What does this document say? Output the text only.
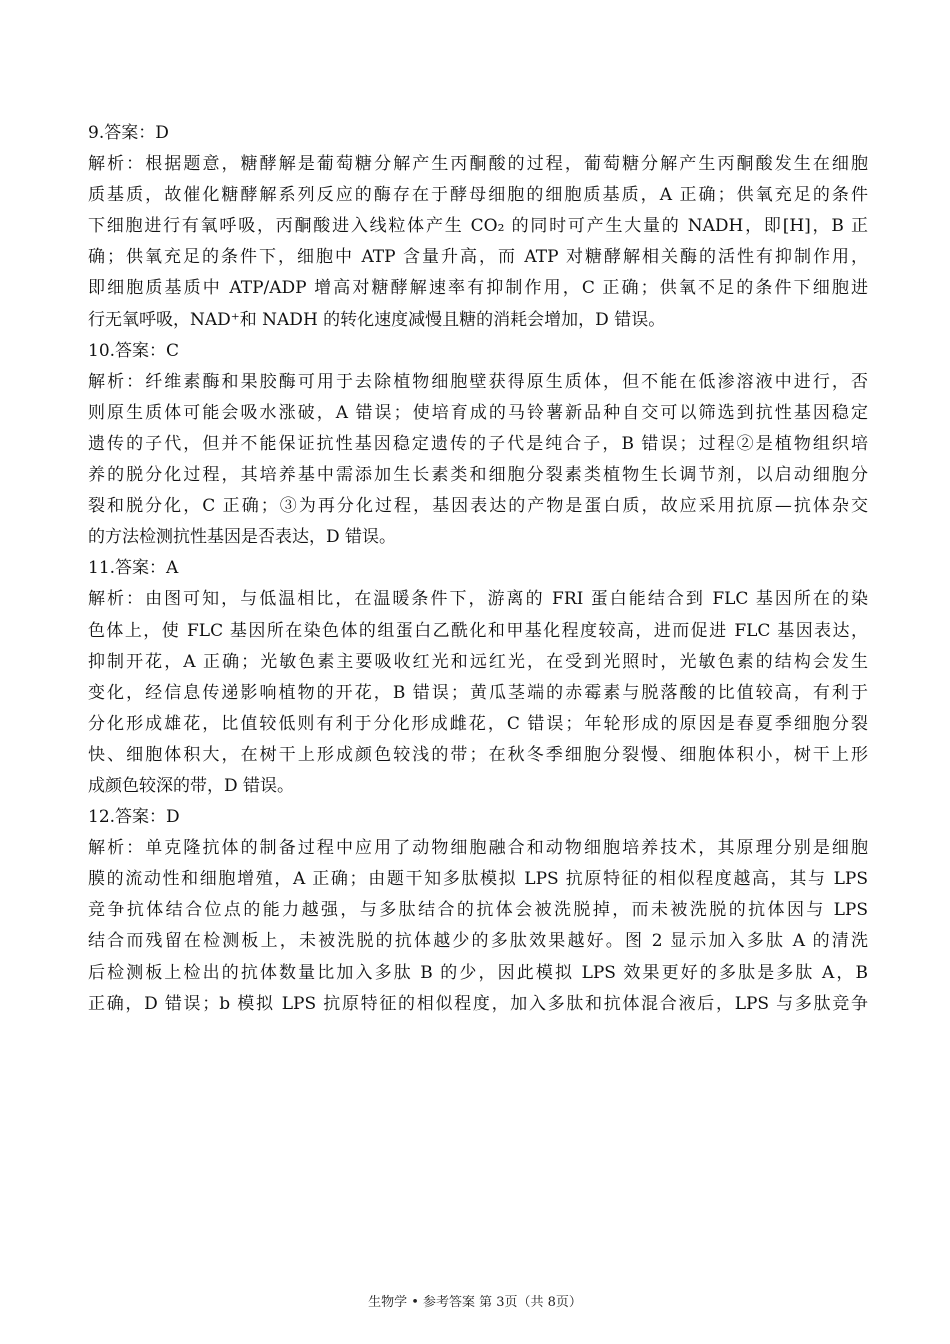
9.答案：D
解析：根据题意，糖酵解是葡萄糖分解产生丙酮酸的过程，葡萄糖分解产生丙酮酸发生在细胞
质基质，故催化糖酵解系列反应的酶存在于酵母细胞的细胞质基质，A 正确；供氧充足的条件
下细胞进行有氧呼吸，丙酮酸进入线粒体产生 CO₂ 的同时可产生大量的 NADH，即[H]，B 正
确；供氧充足的条件下，细胞中 ATP 含量升高，而 ATP 对糖酵解相关酶的活性有抑制作用，
即细胞质基质中 ATP/ADP 增高对糖酵解速率有抑制作用，C 正确；供氧不足的条件下细胞进
行无氧呼吸，NAD⁺和 NADH 的转化速度减慢且糖的消耗会增加，D 错误。
10.答案：C
解析：纤维素酶和果胶酶可用于去除植物细胞壁获得原生质体，但不能在低渗溶液中进行，否
则原生质体可能会吸水涨破，A 错误；使培育成的马铃薯新品种自交可以筛选到抗性基因稳定
遗传的子代，但并不能保证抗性基因稳定遗传的子代是纯合子，B 错误；过程②是植物组织培
养的脱分化过程，其培养基中需添加生长素类和细胞分裂素类植物生长调节剂，以启动细胞分
裂和脱分化，C 正确；③为再分化过程，基因表达的产物是蛋白质，故应采用抗原—抗体杂交
的方法检测抗性基因是否表达，D 错误。
11.答案：A
解析：由图可知，与低温相比，在温暖条件下，游离的 FRI 蛋白能结合到 FLC 基因所在的染
色体上，使 FLC 基因所在染色体的组蛋白乙酰化和甲基化程度较高，进而促进 FLC 基因表达，
抑制开花，A 正确；光敏色素主要吸收红光和远红光，在受到光照时，光敏色素的结构会发生
变化，经信息传递影响植物的开花，B 错误；黄瓜茎端的赤霉素与脱落酸的比值较高，有利于
分化形成雄花，比值较低则有利于分化形成雌花，C 错误；年轮形成的原因是春夏季细胞分裂
快、细胞体积大，在树干上形成颜色较浅的带；在秋冬季细胞分裂慢、细胞体积小，树干上形
成颜色较深的带，D 错误。
12.答案：D
解析：单克隆抗体的制备过程中应用了动物细胞融合和动物细胞培养技术，其原理分别是细胞
膜的流动性和细胞增殖，A 正确；由题干知多肽模拟 LPS 抗原特征的相似程度越高，其与 LPS
竞争抗体结合位点的能力越强，与多肽结合的抗体会被洗脱掉，而未被洗脱的抗体因与 LPS
结合而残留在检测板上，未被洗脱的抗体越少的多肽效果越好。图 2 显示加入多肽 A 的清洗
后检测板上检出的抗体数量比加入多肽 B 的少，因此模拟 LPS 效果更好的多肽是多肽 A，B
正确，D 错误；b 模拟 LPS 抗原特征的相似程度，加入多肽和抗体混合液后，LPS 与多肽竞争
生物学 • 参考答案 第 3页（共 8页）
